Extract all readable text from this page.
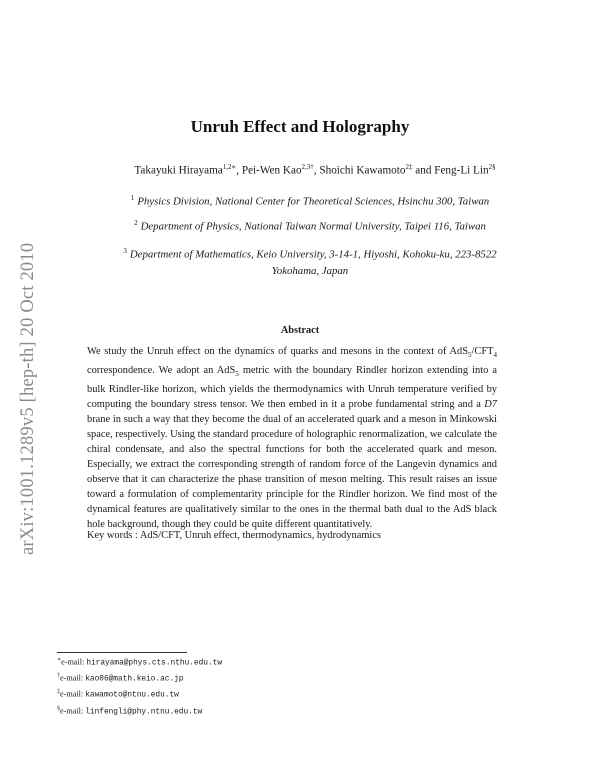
arXiv:1001.1289v5 [hep-th] 20 Oct 2010
Unruh Effect and Holography
Takayuki Hirayama$^{1,2∗}$, Pei-Wen Kao$^{2,3\dagger}$, Shoichi Kawamoto$^{2\ddagger}$ and Feng-Li Lin$^{2\S}$
$^1$ Physics Division, National Center for Theoretical Sciences, Hsinchu 300, Taiwan
$^2$ Department of Physics, National Taiwan Normal University, Taipei 116, Taiwan
$^3$ Department of Mathematics, Keio University, 3-14-1, Hiyoshi, Kohoku-ku, 223-8522
Yokohama, Japan
Abstract
We study the Unruh effect on the dynamics of quarks and mesons in the context of $AdS_5/CFT_4$ correspondence. We adopt an AdS$_5$ metric with the boundary Rindler horizon extending into a bulk Rindler-like horizon, which yields the thermodynamics with Unruh temperature verified by computing the boundary stress tensor. We then embed in it a probe fundamental string and a D7 brane in such a way that they become the dual of an accelerated quark and a meson in Minkowski space, respectively. Using the standard procedure of holographic renormalization, we calculate the chiral condensate, and also the spectral functions for both the accelerated quark and meson. Especially, we extract the corresponding strength of random force of the Langevin dynamics and observe that it can characterize the phase transition of meson melting. This result raises an issue toward a formulation of complementarity principle for the Rindler horizon. We find most of the dynamical features are qualitatively similar to the ones in the thermal bath dual to the AdS black hole background, though they could be quite different quantitatively.
Key words : AdS/CFT, Unruh effect, thermodynamics, hydrodynamics
∗e-mail: hirayama@phys.cts.nthu.edu.tw
†e-mail: kao06@math.keio.ac.jp
‡e-mail: kawamoto@ntnu.edu.tw
§e-mail: linfengli@phy.ntnu.edu.tw
